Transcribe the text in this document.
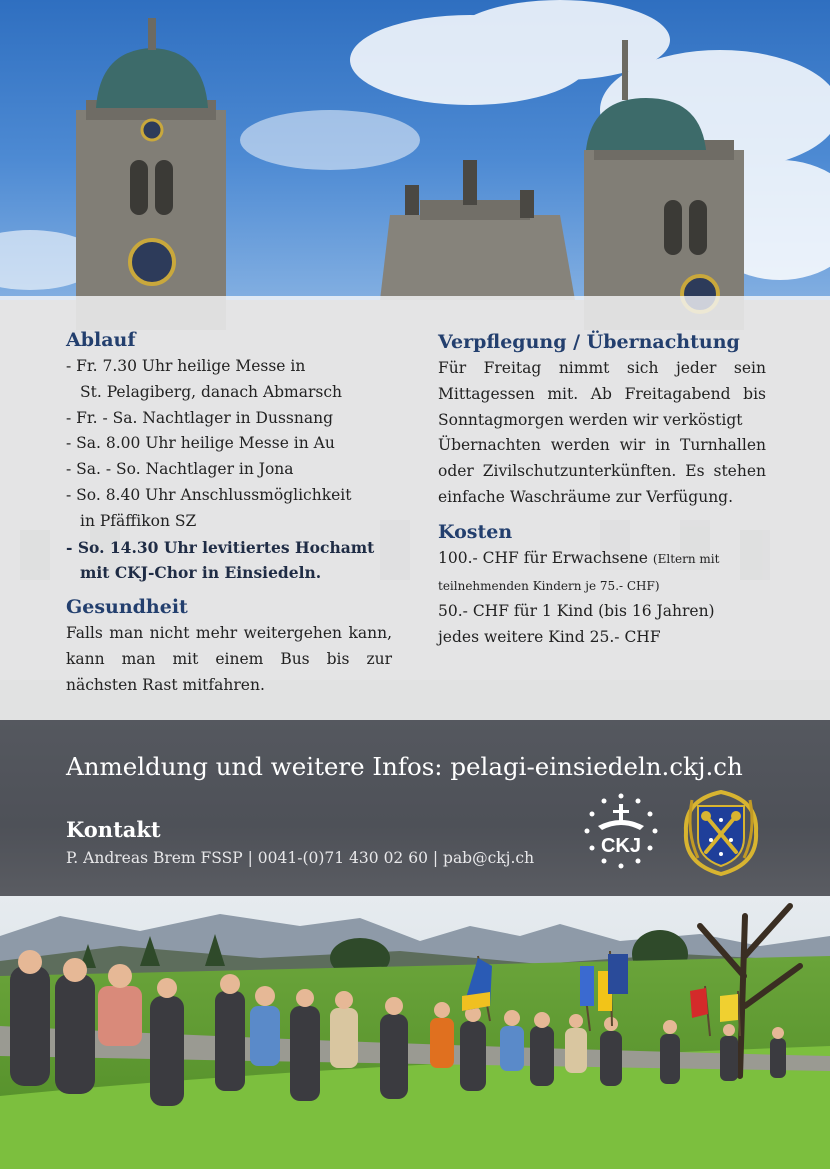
Ablauf
- Fr. 7.30 Uhr heilige Messe in
St. Pelagiberg, danach Abmarsch
- Fr. - Sa. Nachtlager in Dussnang
- Sa. 8.00 Uhr heilige Messe in Au
- Sa. - So. Nachtlager in Jona
- So. 8.40 Uhr Anschlussmöglichkeit
in Pfäffikon SZ
- So. 14.30 Uhr levitiertes Hochamt
mit CKJ-Chor in Einsiedeln.
Gesundheit

Falls man nicht mehr weitergehen kann, kann man mit einem Bus bis zur nächsten Rast mitfahren.

Verpflegung / Übernachtung

Für Freitag nimmt sich jeder sein Mittagessen mit. Ab Freitagabend bis Sonntagmorgen werden wir verköstigt

Übernachten werden wir in Turnhallen oder Zivilschutzunterkünften. Es stehen einfache Waschräume zur Verfügung.

Kosten

100.- CHF für Erwachsene (Eltern mit teilnehmenden Kindern je 75.- CHF)

50.- CHF für 1 Kind (bis 16 Jahren)

jedes weitere Kind 25.- CHF

Anmeldung und weitere Infos: pelagi-einsiedeln.ckj.ch
Kontakt
P. Andreas Brem FSSP | 0041-(0)71 430 02 60 | pab@ckj.ch
CKJ
